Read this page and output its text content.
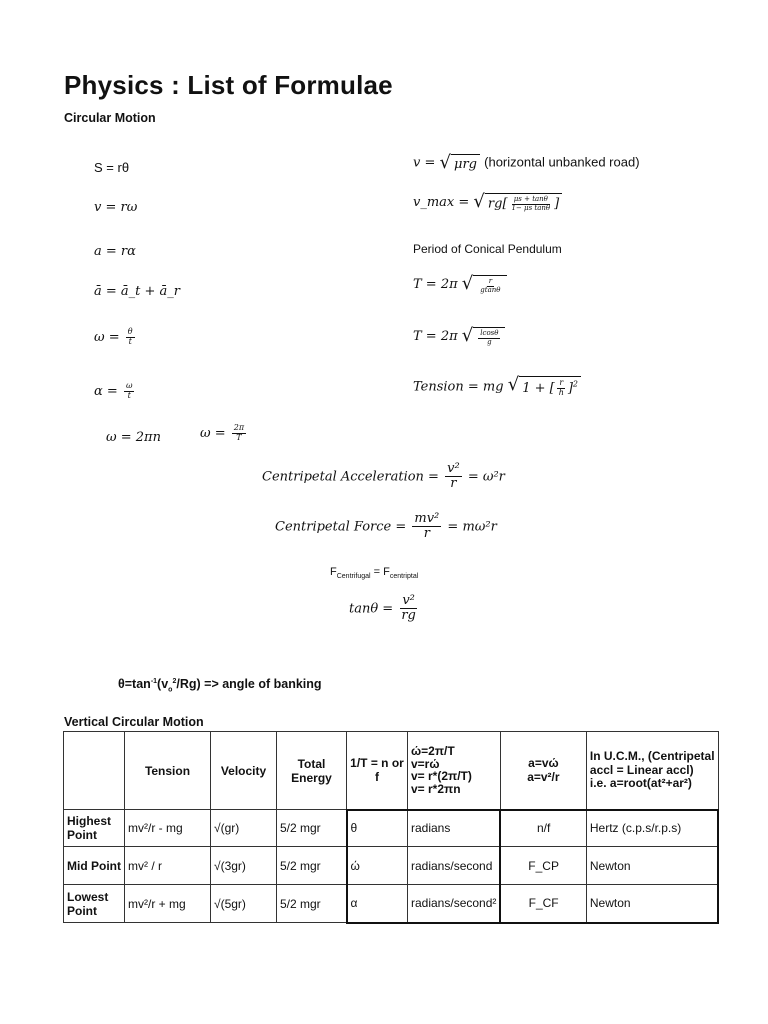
Physics : List of Formulae
Circular Motion
S = rθ
v = rω
a = rα
ā = ā_t + ā_r
$\omega = \frac{\theta}{t}$
$\alpha = \frac{\omega}{t}$
ω = 2πn	$\omega = \frac{2\pi}{T}$
v = √ μrg (horizontal unbanked road)
v_max = √ $rg[ \frac{\mu s + \tan\theta}{\text{1− μs tanθ}}$ ]
Period of Conical Pendulum
T = 2π √ $\frac{r}{gtan\theta}$
T = 2π √ $\frac{lcos\theta}{g}$
Tension = mg √ 1 + [ $\frac{r}{h} ]^2$
Centripetal Acceleration = $\frac{\text{v²}}{r} = \omega^2r$
Centripetal Force = $\frac{\text{mv²}}{r} = m\omega^2r$
$F_{Centrifugal} = F_{centriptal}$
$\tan\theta = \frac{\text{v²}}{rg}$
$\theta=\tan^{-1}(v_o^2/Rg)$ => angle of banking
Vertical Circular Motion
	Tension	Velocity	Total Energy	1/T = n or f	ώ=2π/T
v=rώ
v= r*(2π/T)
v= r*2πn	a=vώ
a=v²/r	In U.C.M., (Centripetal accl = Linear accl)
i.e. a=root(at²+ar²)
Highest Point	mv²/r - mg	√(gr)	5/2 mgr	θ	radians	n/f	Hertz (c.p.s/r.p.s)
Mid Point	mv² / r	√(3gr)	5/2 mgr	ώ	radians/second	F_CP	Newton
Lowest Point	mv²/r + mg	√(5gr)	5/2 mgr	α	radians/second²	F_CF	Newton
